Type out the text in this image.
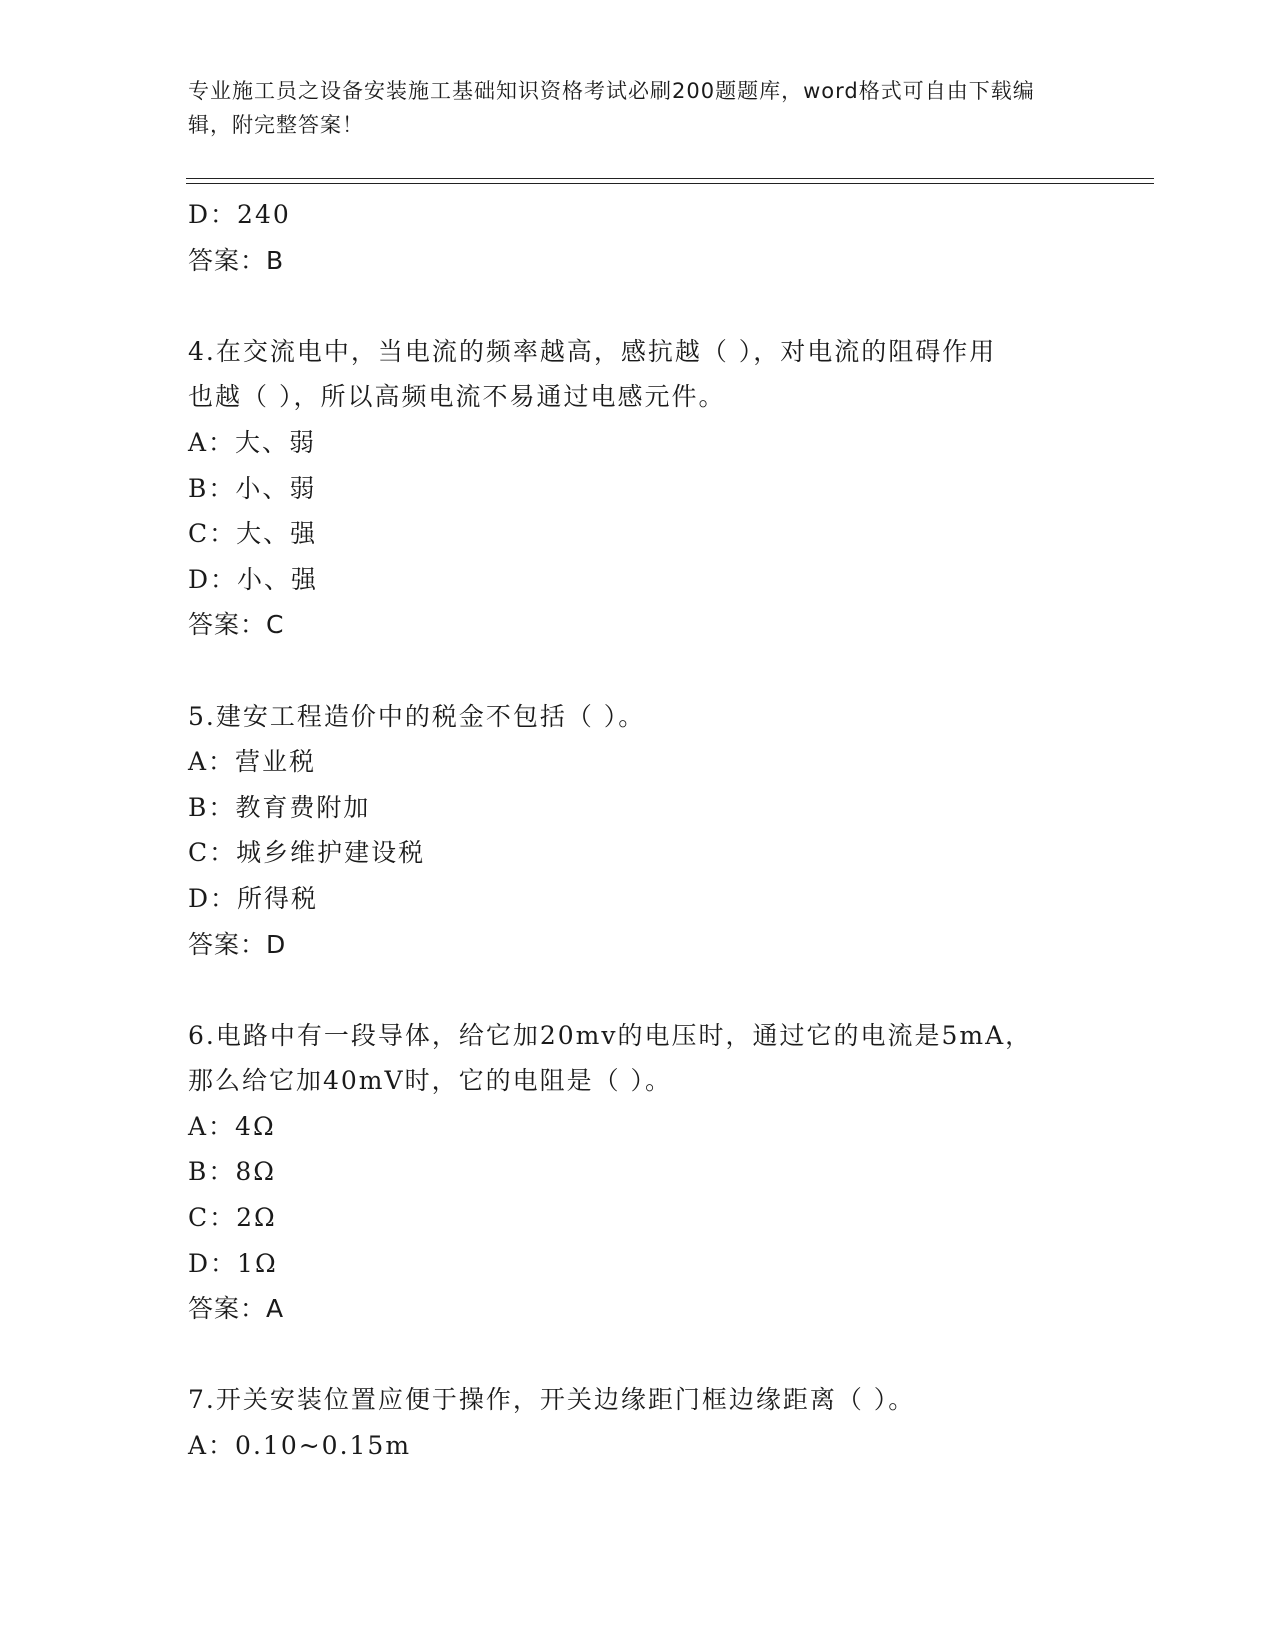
专业施工员之设备安装施工基础知识资格考试必刷200题题库，word格式可自由下载编辑，附完整答案！
D：240
答案：B
4.在交流电中，当电流的频率越高，感抗越（ ），对电流的阻碍作用
也越（ ），所以高频电流不易通过电感元件。
A：大、弱
B：小、弱
C：大、强
D：小、强
答案：C
5.建安工程造价中的税金不包括（ ）。
A：营业税
B：教育费附加
C：城乡维护建设税
D：所得税
答案：D
6.电路中有一段导体，给它加20mv的电压时，通过它的电流是5mA，
那么给它加40mV时，它的电阻是（ ）。
A：4Ω
B：8Ω
C：2Ω
D：1Ω
答案：A
7.开关安装位置应便于操作，开关边缘距门框边缘距离（ ）。
A：0.10~0.15m
